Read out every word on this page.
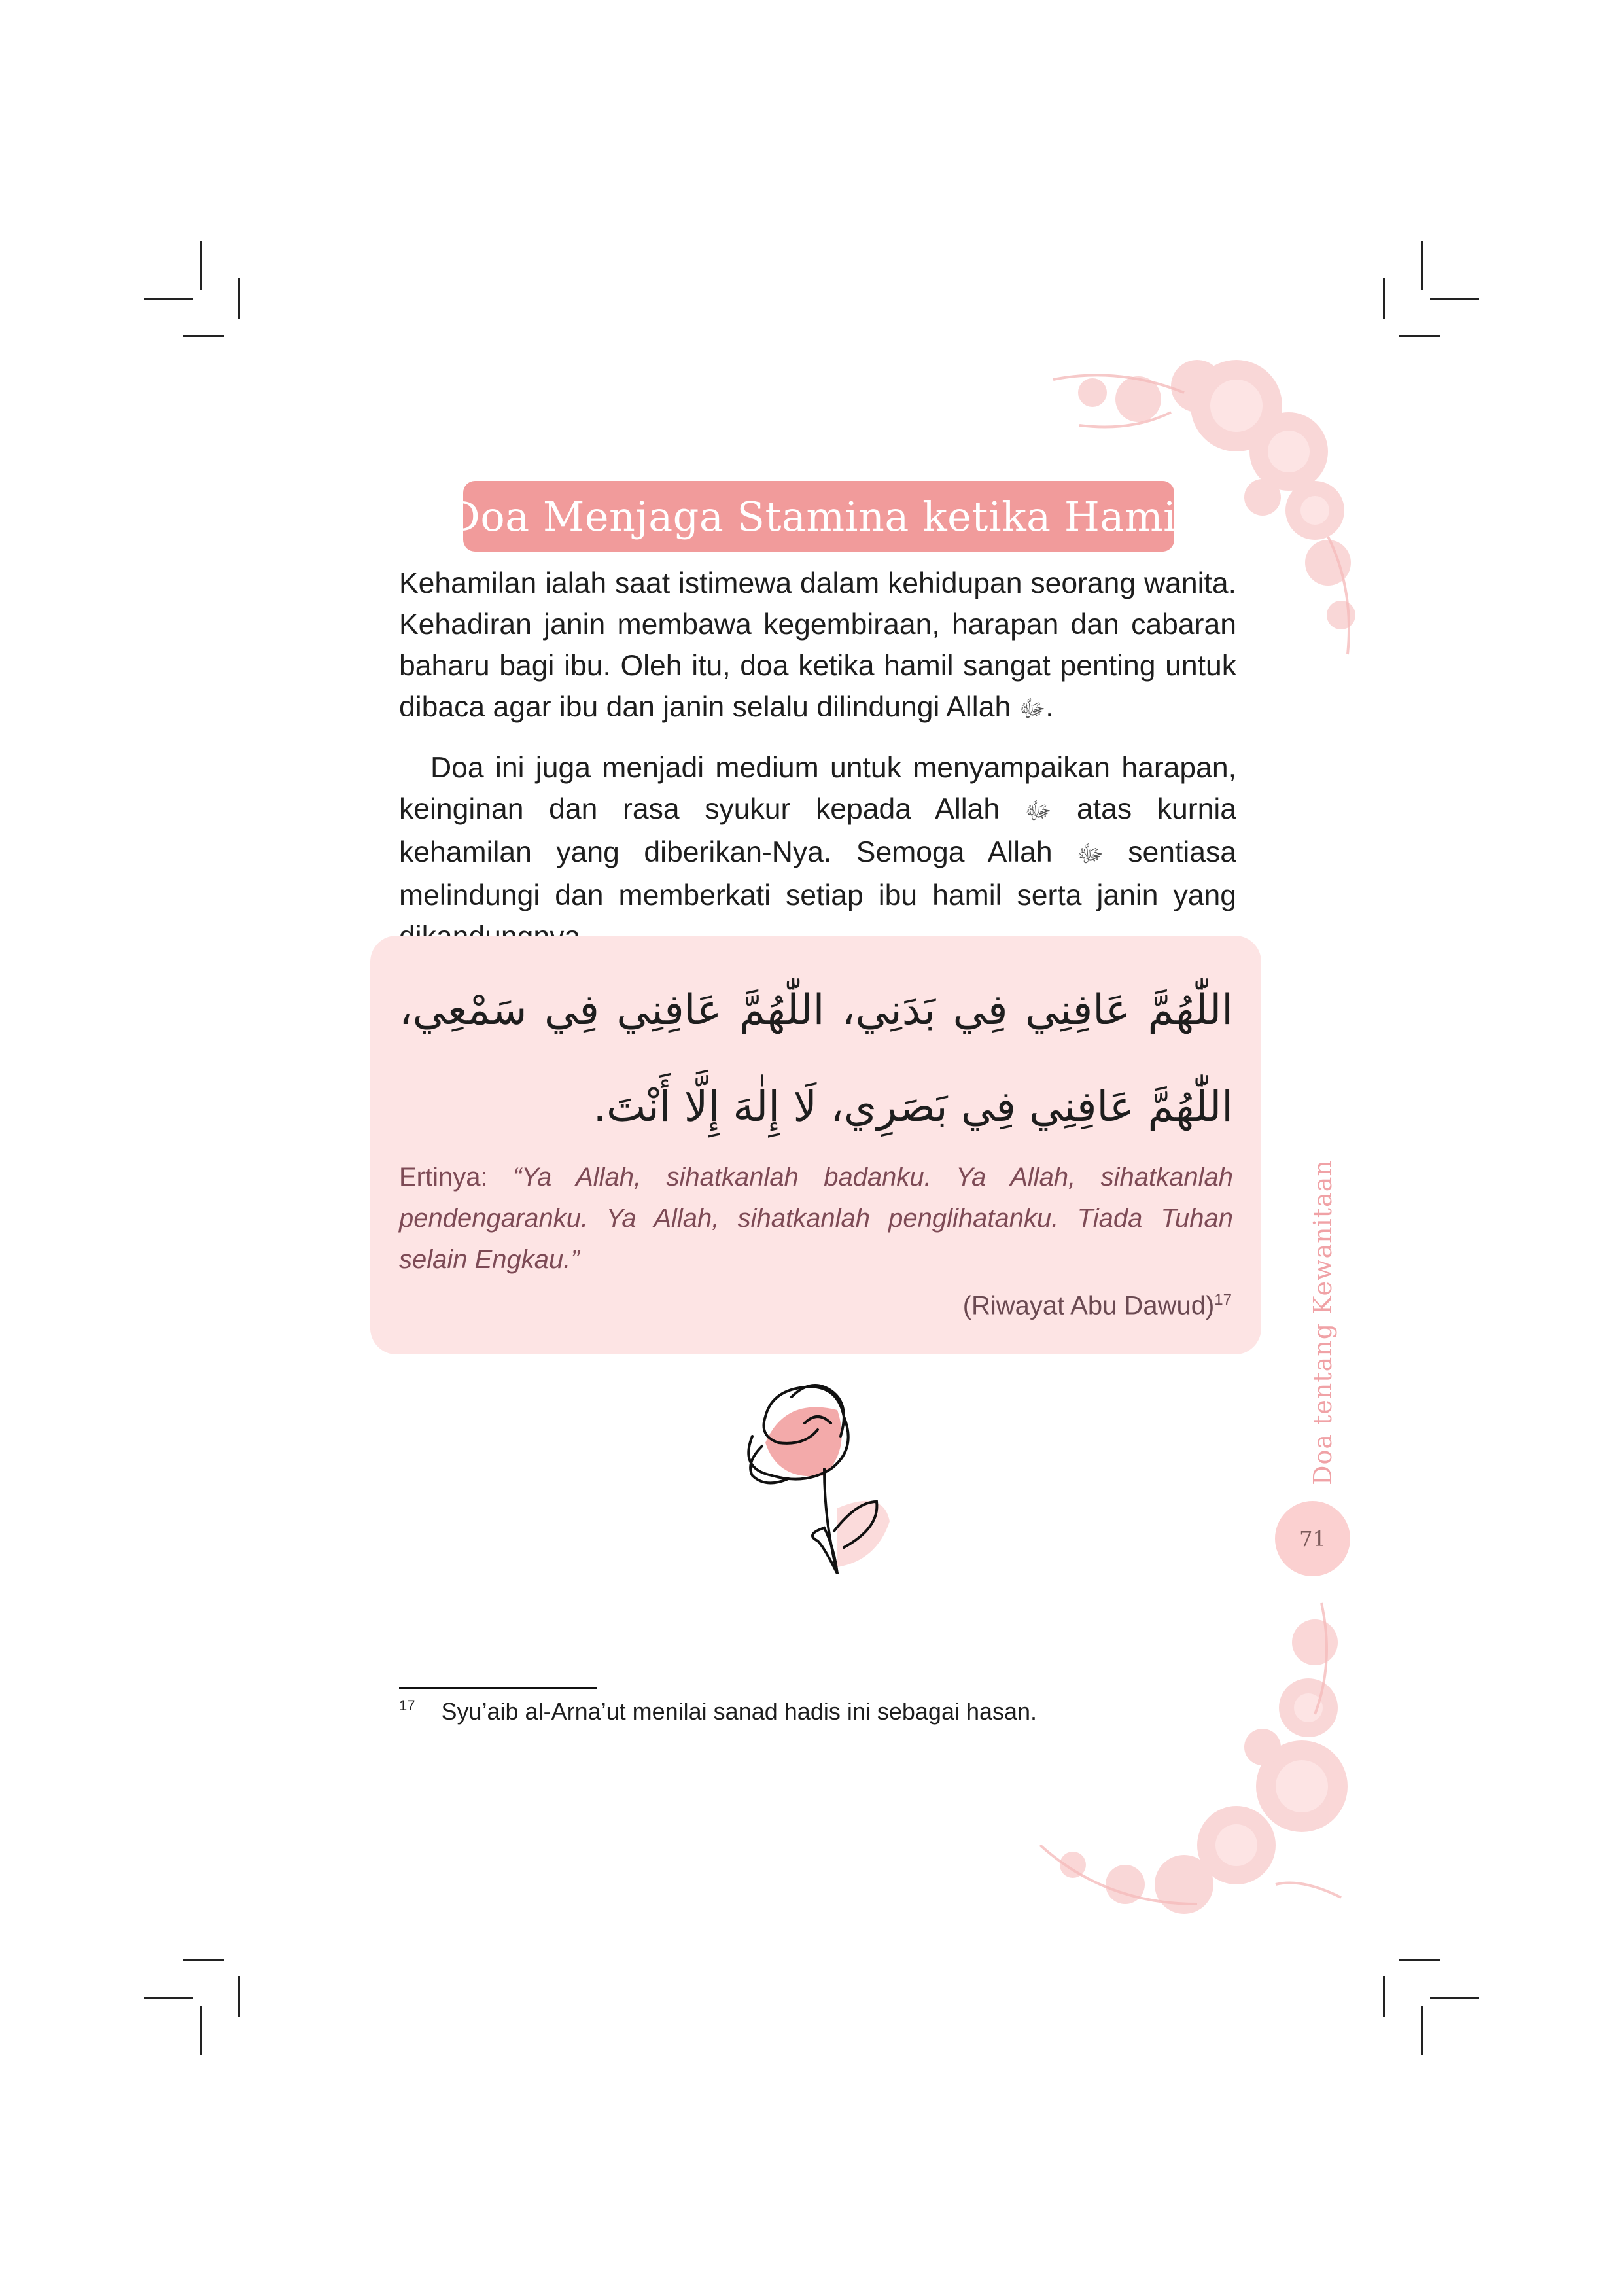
Doa Menjaga Stamina ketika Hamil

Kehamilan ialah saat istimewa dalam kehidupan seorang wanita. Kehadiran janin membawa kegembiraan, harapan dan cabaran baharu bagi ibu. Oleh itu, doa ketika hamil sangat penting untuk dibaca agar ibu dan janin selalu dilindungi Allah ﷻ.

Doa ini juga menjadi medium untuk menyampaikan harapan, keinginan dan rasa syukur kepada Allah ﷻ atas kurnia kehamilan yang diberikan-Nya. Semoga Allah ﷻ sentiasa melindungi dan memberkati setiap ibu hamil serta janin yang

اللّٰهُمَّ عَافِنِي فِي بَدَنِي، اللّٰهُمَّ عَافِنِي فِي سَمْعِي، اللّٰهُمَّ عَافِنِي فِي بَصَرِي، لَا إِلٰهَ إِلَّا أَنْتَ.
Ertinya: “Ya Allah, sihatkanlah badanku. Ya Allah, sihatkanlah pendengaranku. Ya Allah, sihatkanlah penglihatanku. Tiada Tuhan selain Engkau.”
(Riwayat Abu Dawud)$^{17}$	Doa tentang Kewanitaan
71
$^{17}$ Syu’aib al-Arna’ut menilai sanad hadis ini sebagai hasan.
